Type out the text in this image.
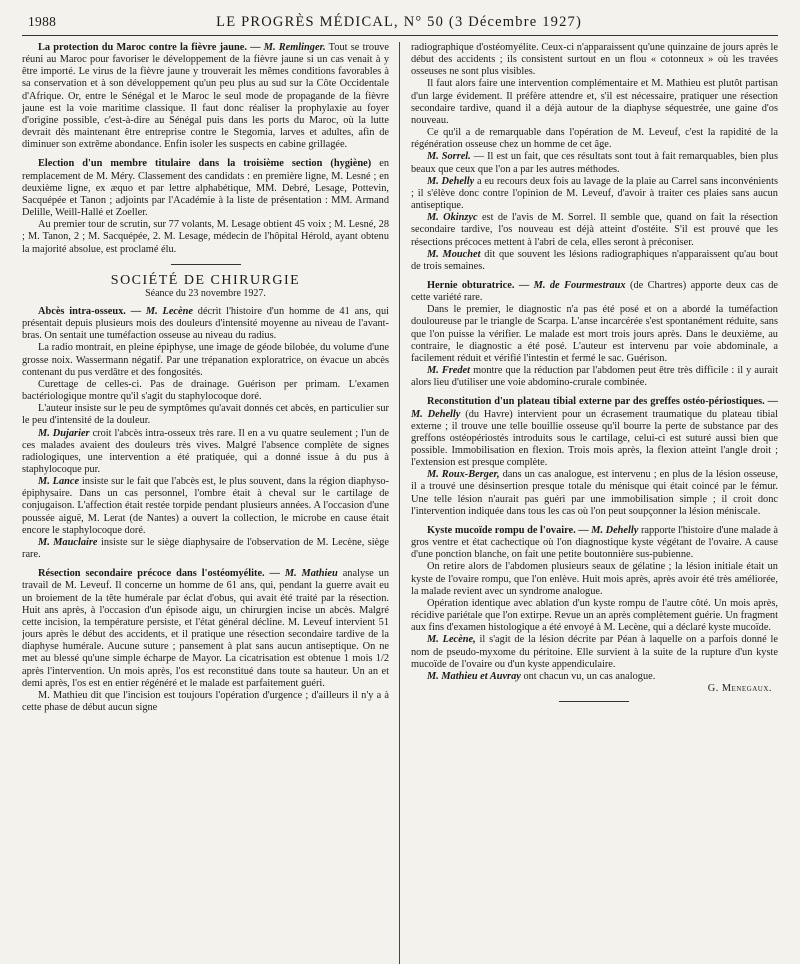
1988	LE PROGRÈS MÉDICAL, N° 50 (3 Décembre 1927)

La protection du Maroc contre la fièvre jaune. — M. Remlinger. Tout se trouve réuni au Maroc pour favoriser le développement de la fièvre jaune si un cas venait à y être importé. Le virus de la fièvre jaune y trouverait les mêmes conditions favorables à sa conservation et à son développement qu'un peu plus au sud sur la Côte Occidentale d'Afrique. Or, entre le Sénégal et le Maroc le seul mode de propagande de la fièvre jaune est la voie maritime classique. Il faut donc réaliser la prophylaxie au foyer d'origine possible, c'est-à-dire au Sénégal puis dans les ports du Maroc, où la lutte devrait dès maintenant être entreprise contre le Stegomia, larves et adultes, afin de diminuer son extrême abondance. Enfin isoler les suspects en cabine grillagée.

Election d'un membre titulaire dans la troisième section (hygiène) en remplacement de M. Méry. Classement des candidats : en première ligne, M. Lesné ; en deuxième ligne, ex æquo et par lettre alphabétique, MM. Debré, Lesage, Pottevin, Sacquépée et Tanon ; adjoints par l'Académie à la liste de présentation : MM. Armand Delille, Weill-Hallé et Zoeller.

Au premier tour de scrutin, sur 77 volants, M. Lesage obtient 45 voix ; M. Lesné, 28 ; M. Tanon, 2 ; M. Sacquépée, 2. M. Lesage, médecin de l'hôpital Hérold, ayant obtenu la majorité absolue, est proclamé élu.

SOCIÉTÉ DE CHIRURGIE

Séance du 23 novembre 1927.

Abcès intra-osseux. — M. Lecène décrit l'histoire d'un homme de 41 ans, qui présentait depuis plusieurs mois des douleurs d'intensité moyenne au niveau de l'avant-bras. On sentait une tuméfaction osseuse au niveau du radius.

La radio montrait, en pleine épiphyse, une image de géode bilobée, du volume d'une grosse noix. Wassermann négatif. Par une trépanation exploratrice, on évacue un abcès contenant du pus verdâtre et des fongosités.

Curettage de celles-ci. Pas de drainage. Guérison per primam. L'examen bactériologique montre qu'il s'agit du staphylocoque doré.

L'auteur insiste sur le peu de symptômes qu'avait donnés cet abcès, en particulier sur le peu d'intensité de la douleur.

M. Dujarier croit l'abcès intra-osseux très rare. Il en a vu quatre seulement ; l'un de ces malades avaient des douleurs très vives. Malgré l'absence complète de signes radiologiques, une intervention a été pratiquée, qui a donné issue à du pus à staphylocoque pur.

M. Lance insiste sur le fait que l'abcès est, le plus souvent, dans la région diaphyso-épiphysaire. Dans un cas personnel, l'ombre était à cheval sur le cartilage de conjugaison. L'affection était restée torpide pendant plusieurs années. A l'occasion d'une poussée aiguë, M. Lerat (de Nantes) a ouvert la collection, le microbe en cause était encore le staphylocoque doré.

M. Mauclaire insiste sur le siège diaphysaire de l'observation de M. Lecène, siège rare.

Résection secondaire précoce dans l'ostéomyélite. — M. Mathieu analyse un travail de M. Leveuf. Il concerne un homme de 61 ans, qui, pendant la guerre avait eu un broiement de la tête humérale par éclat d'obus, qui avait été traité par la résection. Huit ans après, à l'occasion d'un épisode aigu, un chirurgien incise un abcès. Malgré cette incision, la température persiste, et l'état général décline. M. Leveuf intervient 51 jours après le début des accidents, et il pratique une résection secondaire tardive de la diaphyse humérale. Aucune suture ; pansement à plat sans aucun antiseptique. On ne met au blessé qu'une simple écharpe de Mayor. La cicatrisation est obtenue 1 mois 1/2 après l'intervention. Un mois après, l'os est reconstitué dans toute sa hauteur. Un an et demi après, l'os est en entier régénéré et le malade est parfaitement guéri.

M. Mathieu dit que l'incision est toujours l'opération d'urgence ; d'ailleurs il n'y a à cette phase de début aucun signe

radiographique d'ostéomyélite. Ceux-ci n'apparaissent qu'une quinzaine de jours après le début des accidents ; ils consistent surtout en un flou « cotonneux » où les travées osseuses ne sont plus visibles.

Il faut alors faire une intervention complémentaire et M. Mathieu est plutôt partisan d'un large évidement. Il préfère attendre et, s'il est nécessaire, pratiquer une résection secondaire tardive, quand il a déjà autour de la diaphyse séquestrée, une gaine d'os nouveau.

Ce qu'il a de remarquable dans l'opération de M. Leveuf, c'est la rapidité de la régénération osseuse chez un homme de cet âge.

M. Sorrel. — Il est un fait, que ces résultats sont tout à fait remarquables, bien plus beaux que ceux que l'on a par les autres méthodes.

M. Dehelly a eu recours deux fois au lavage de la plaie au Carrel sans inconvénients ; il s'élève donc contre l'opinion de M. Leveuf, d'avoir à traiter ces plaies sans aucun antiseptique.

M. Okinzyc est de l'avis de M. Sorrel. Il semble que, quand on fait la résection secondaire tardive, l'os nouveau est déjà atteint d'ostéite. S'il est prouvé que les résections précoces mettent à l'abri de cela, elles seront à préconiser.

M. Mouchet dit que souvent les lésions radiographiques n'apparaissent qu'au bout de trois semaines.

Hernie obturatrice. — M. de Fourmestraux (de Chartres) apporte deux cas de cette variété rare.

Dans le premier, le diagnostic n'a pas été posé et on a abordé la tuméfaction douloureuse par le triangle de Scarpa. L'anse incarcérée s'est spontanément réduite, sans que l'on puisse la vérifier. Le malade est mort trois jours après. Dans le deuxième, au contraire, le diagnostic a été posé. L'auteur est intervenu par voie abdominale, a facilement réduit et vérifié l'intestin et fermé le sac. Guérison.

M. Fredet montre que la réduction par l'abdomen peut être très difficile : il y aurait alors lieu d'utiliser une voie abdomino-crurale combinée.

Reconstitution d'un plateau tibial externe par des greffes ostéo-périostiques. — M. Dehelly (du Havre) intervient pour un écrasement traumatique du plateau tibial externe ; il trouve une telle bouillie osseuse qu'il bourre la perte de substance par des greffons ostéopériostés introduits sous le cartilage, celui-ci est suturé aussi bien que possible. Immobilisation en flexion. Trois mois après, la flexion atteint l'angle droit ; l'extension est presque complète.

M. Roux-Berger, dans un cas analogue, est intervenu ; en plus de la lésion osseuse, il a trouvé une désinsertion presque totale du ménisque qui était coincé par le fémur. Une telle lésion n'aurait pas guéri par une immobilisation simple ; il croit donc l'intervention indiquée dans tous les cas où l'on peut soupçonner la lésion méniscale.

Kyste mucoïde rompu de l'ovaire. — M. Dehelly rapporte l'histoire d'une malade à gros ventre et état cachectique où l'on diagnostique kyste végétant de l'ovaire. A cause d'une ponction blanche, on fait une petite boutonnière sus-pubienne.

On retire alors de l'abdomen plusieurs seaux de gélatine ; la lésion initiale était un kyste de l'ovaire rompu, que l'on enlève. Huit mois après, après avoir été très améliorée, la malade revient avec un syndrome analogue.

Opération identique avec ablation d'un kyste rompu de l'autre côté. Un mois après, récidive pariétale que l'on extirpe. Revue un an après complètement guérie. Un fragment aux fins d'examen histologique a été envoyé à M. Lecène, qui a déclaré kyste mucoïde.

M. Lecène, il s'agit de la lésion décrite par Péan à laquelle on a parfois donné le nom de pseudo-myxome du péritoine. Elle survient à la suite de la rupture d'un kyste mucoïde de l'ovaire ou d'un kyste appendiculaire.

M. Mathieu et Auvray ont chacun vu, un cas analogue.

G. Menegaux.
